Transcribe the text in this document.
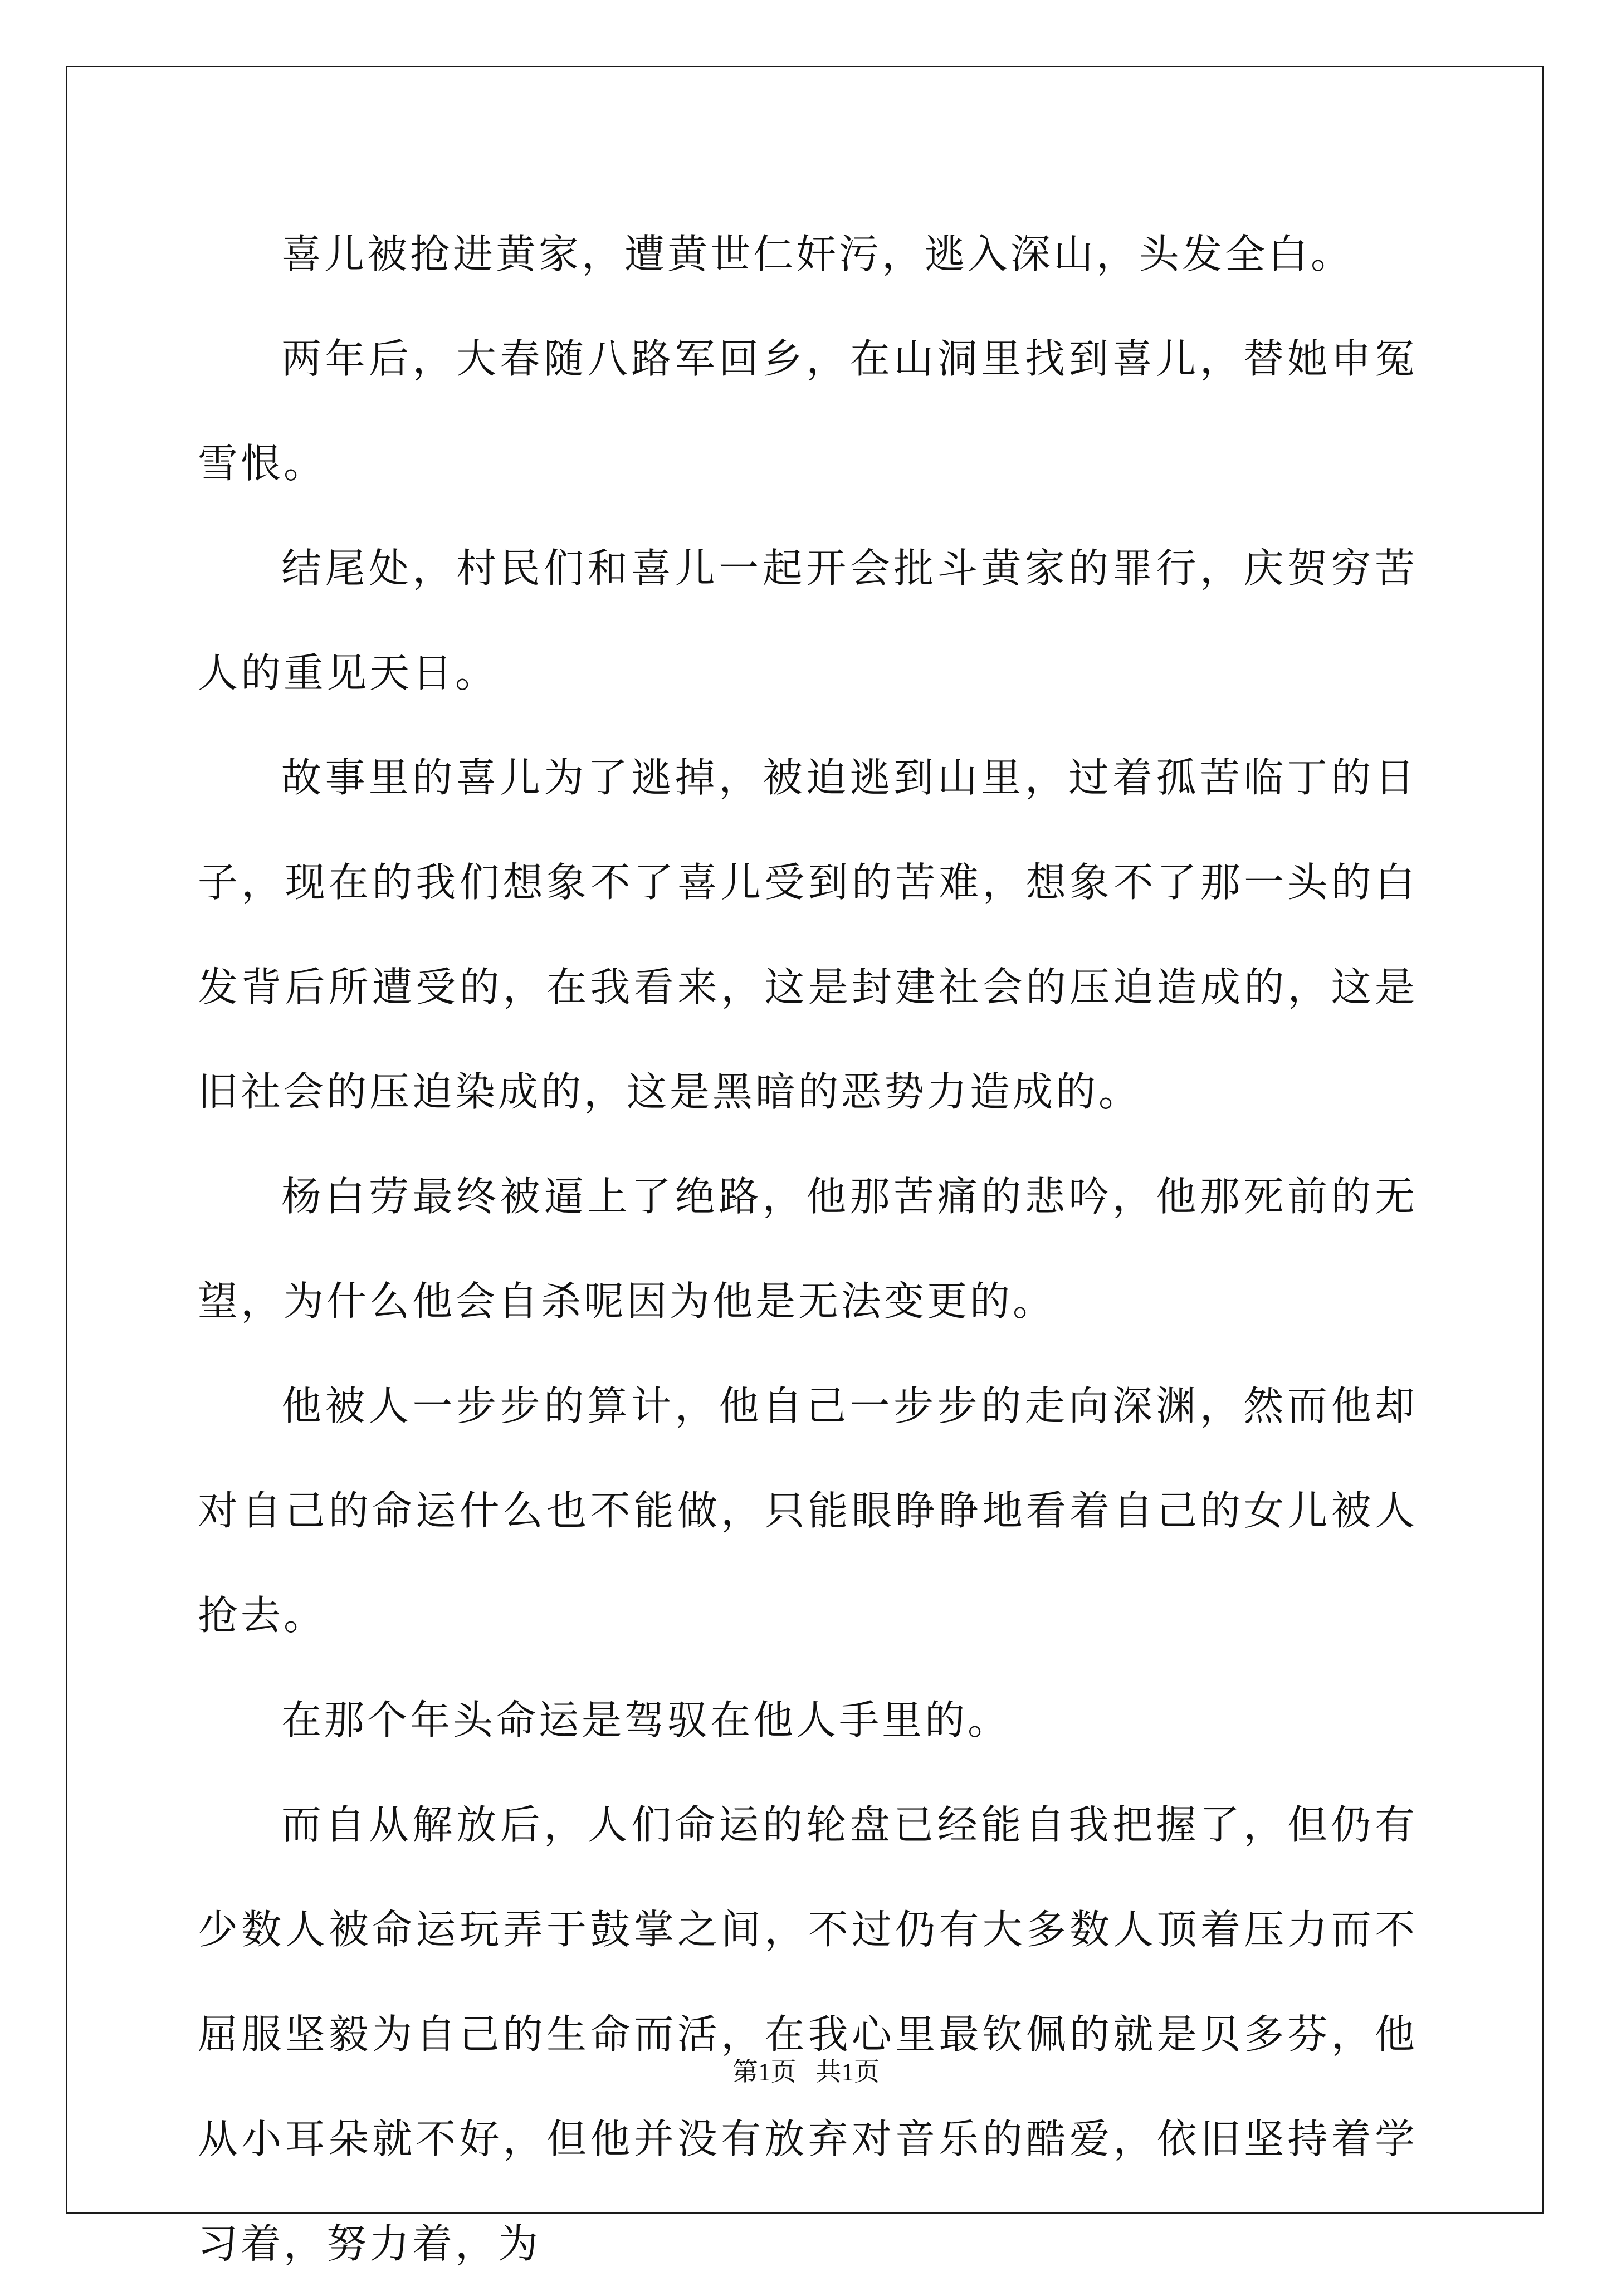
喜儿被抢进黄家，遭黄世仁奸污，逃入深山，头发全白。

两年后，大春随八路军回乡，在山洞里找到喜儿，替她申冤雪恨。

结尾处，村民们和喜儿一起开会批斗黄家的罪行，庆贺穷苦人的重见天日。

故事里的喜儿为了逃掉，被迫逃到山里，过着孤苦临丁的日子，现在的我们想象不了喜儿受到的苦难，想象不了那一头的白发背后所遭受的，在我看来，这是封建社会的压迫造成的，这是旧社会的压迫染成的，这是黑暗的恶势力造成的。

杨白劳最终被逼上了绝路，他那苦痛的悲吟，他那死前的无望，为什么他会自杀呢因为他是无法变更的。

他被人一步步的算计，他自己一步步的走向深渊，然而他却对自己的命运什么也不能做，只能眼睁睁地看着自己的女儿被人抢去。

在那个年头命运是驾驭在他人手里的。

而自从解放后，人们命运的轮盘已经能自我把握了，但仍有少数人被命运玩弄于鼓掌之间，不过仍有大多数人顶着压力而不屈服坚毅为自己的生命而活，在我心里最钦佩的就是贝多芬，他从小耳朵就不好，但他并没有放弃对音乐的酷爱，依旧坚持着学习着，努力着，为

第1页   共1页
